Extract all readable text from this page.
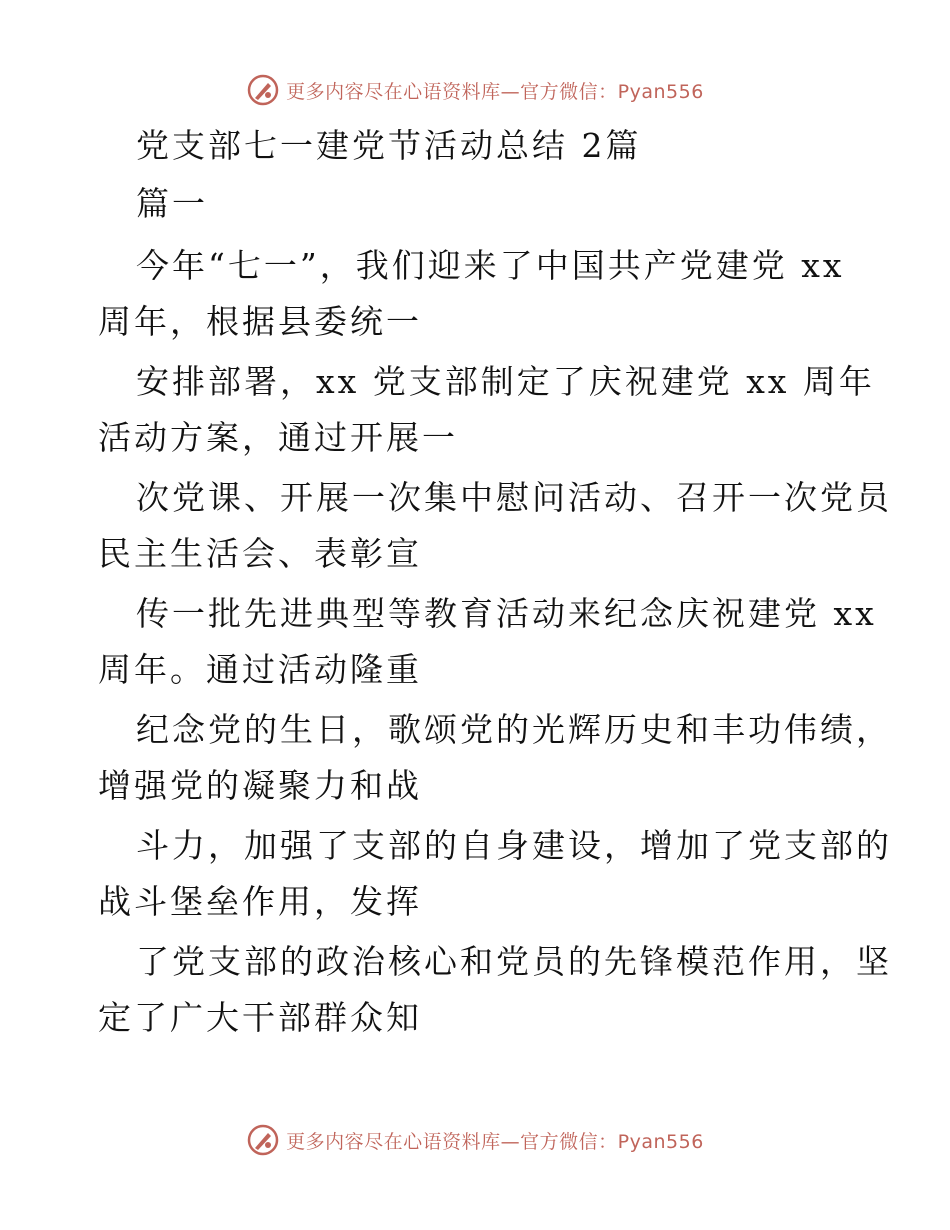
更多内容尽在心语资料库—官方微信：Pyan556
党支部七一建党节活动总结 2篇
篇一
今年“七一”，我们迎来了中国共产党建党 xx
周年，根据县委统一
安排部署，xx 党支部制定了庆祝建党 xx 周年
活动方案，通过开展一
次党课、开展一次集中慰问活动、召开一次党员
民主生活会、表彰宣
传一批先进典型等教育活动来纪念庆祝建党 xx
周年。通过活动隆重
纪念党的生日，歌颂党的光辉历史和丰功伟绩，
增强党的凝聚力和战
斗力，加强了支部的自身建设，增加了党支部的
战斗堡垒作用，发挥
了党支部的政治核心和党员的先锋模范作用，坚
定了广大干部群众知
更多内容尽在心语资料库—官方微信：Pyan556
